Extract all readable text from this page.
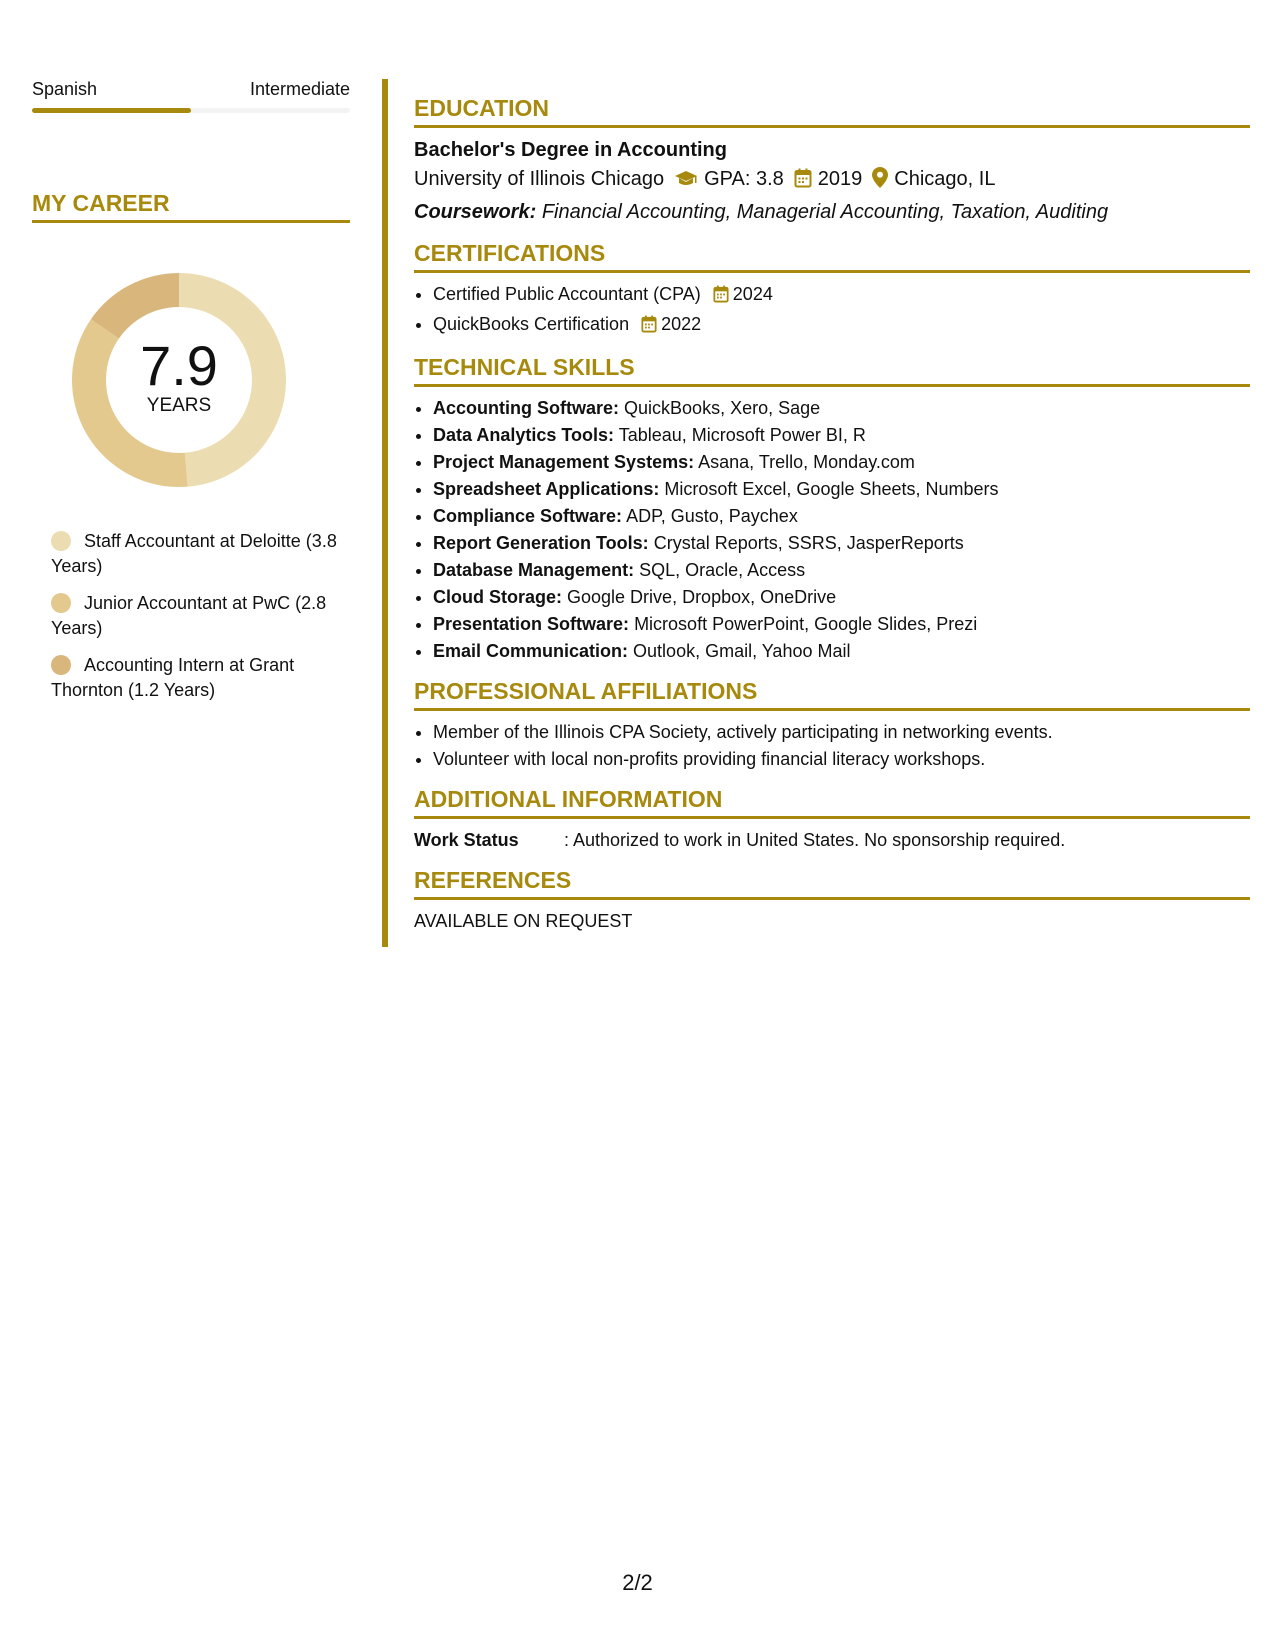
Spanish	Intermediate
MY CAREER
7.9
YEARS
Staff Accountant at Deloitte (3.8 Years)
Junior Accountant at PwC (2.8 Years)
Accounting Intern at Grant Thornton (1.2 Years)
EDUCATION
Bachelor's Degree in Accounting
University of Illinois Chicago GPA: 3.8 2019 Chicago, IL
Coursework: Financial Accounting, Managerial Accounting, Taxation, Auditing
CERTIFICATIONS
• Certified Public Accountant (CPA) 2024
• QuickBooks Certification 2022
TECHNICAL SKILLS
• Accounting Software: QuickBooks, Xero, Sage
• Data Analytics Tools: Tableau, Microsoft Power BI, R
• Project Management Systems: Asana, Trello, Monday.com
• Spreadsheet Applications: Microsoft Excel, Google Sheets, Numbers
• Compliance Software: ADP, Gusto, Paychex
• Report Generation Tools: Crystal Reports, SSRS, JasperReports
• Database Management: SQL, Oracle, Access
• Cloud Storage: Google Drive, Dropbox, OneDrive
• Presentation Software: Microsoft PowerPoint, Google Slides, Prezi
• Email Communication: Outlook, Gmail, Yahoo Mail
PROFESSIONAL AFFILIATIONS
• Member of the Illinois CPA Society, actively participating in networking events.
• Volunteer with local non-profits providing financial literacy workshops.
ADDITIONAL INFORMATION
Work Status	: Authorized to work in United States. No sponsorship required.
REFERENCES
AVAILABLE ON REQUEST
2/2
